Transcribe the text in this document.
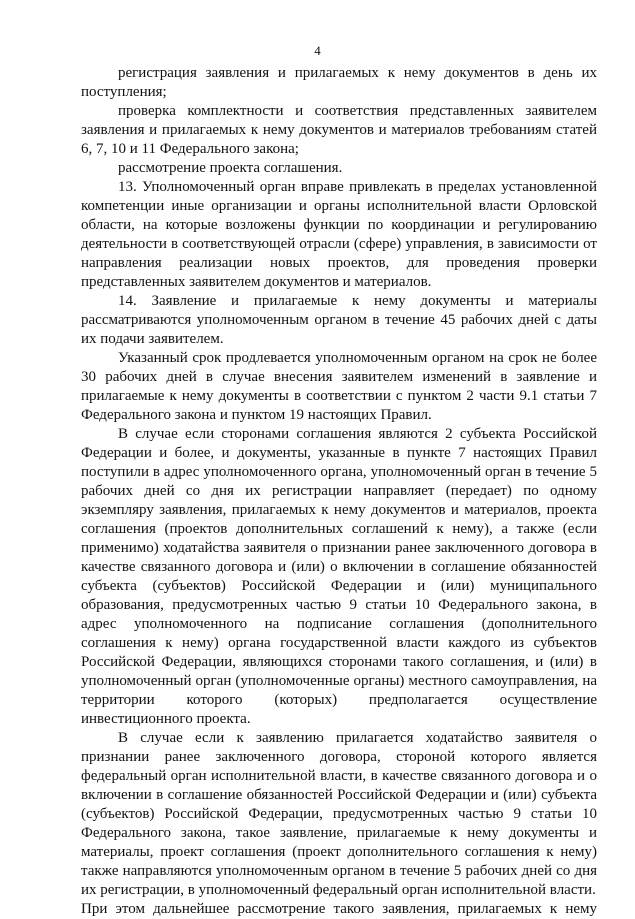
4

регистрация заявления и прилагаемых к нему документов в день их поступления;

проверка комплектности и соответствия представленных заявителем заявления и прилагаемых к нему документов и материалов требованиям статей 6, 7, 10 и 11 Федерального закона;

рассмотрение проекта соглашения.

13. Уполномоченный орган вправе привлекать в пределах установленной компетенции иные организации и органы исполнительной власти Орловской области, на которые возложены функции по координации и регулированию деятельности в соответствующей отрасли (сфере) управления, в зависимости от направления реализации новых проектов, для проведения проверки представленных заявителем документов и материалов.

14. Заявление и прилагаемые к нему документы и материалы рассматриваются уполномоченным органом в течение 45 рабочих дней с даты их подачи заявителем.

Указанный срок продлевается уполномоченным органом на срок не более 30 рабочих дней в случае внесения заявителем изменений в заявление и прилагаемые к нему документы в соответствии с пунктом 2 части 9.1 статьи 7 Федерального закона и пунктом 19 настоящих Правил.

В случае если сторонами соглашения являются 2 субъекта Российской Федерации и более, и документы, указанные в пункте 7 настоящих Правил поступили в адрес уполномоченного органа, уполномоченный орган в течение 5 рабочих дней со дня их регистрации направляет (передает) по одному экземпляру заявления, прилагаемых к нему документов и материалов, проекта соглашения (проектов дополнительных соглашений к нему), а также (если применимо) ходатайства заявителя о признании ранее заключенного договора в качестве связанного договора и (или) о включении в соглашение обязанностей субъекта (субъектов) Российской Федерации и (или) муниципального образования, предусмотренных частью 9 статьи 10 Федерального закона, в адрес уполномоченного на подписание соглашения (дополнительного соглашения к нему) органа государственной власти каждого из субъектов Российской Федерации, являющихся сторонами такого соглашения, и (или) в уполномоченный орган (уполномоченные органы) местного самоуправления, на территории которого (которых) предполагается осуществление инвестиционного проекта.

В случае если к заявлению прилагается ходатайство заявителя о признании ранее заключенного договора, стороной которого является федеральный орган исполнительной власти, в качестве связанного договора и о включении в соглашение обязанностей Российской Федерации и (или) субъекта (субъектов) Российской Федерации, предусмотренных частью 9 статьи 10 Федерального закона, такое заявление, прилагаемые к нему документы и материалы, проект соглашения (проект дополнительного соглашения к нему) также направляются уполномоченным органом в течение 5 рабочих дней со дня их регистрации, в уполномоченный федеральный орган исполнительной власти.

При этом дальнейшее рассмотрение такого заявления, прилагаемых к нему
